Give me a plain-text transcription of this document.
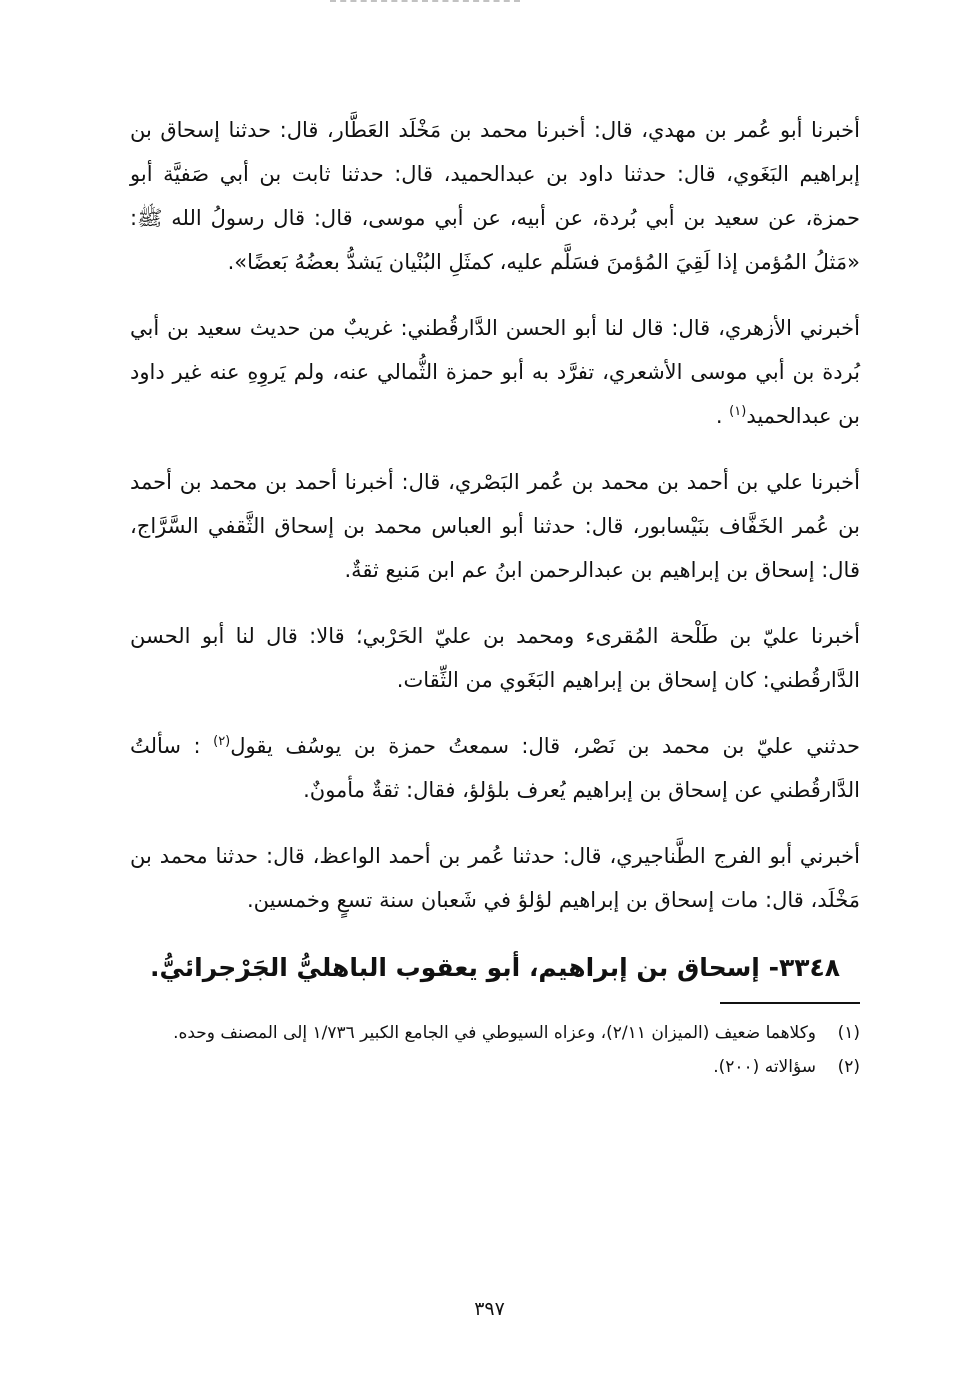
أخبرنا أبو عُمر بن مهدي، قال: أخبرنا محمد بن مَخْلَد العَطَّار، قال: حدثنا إسحاق بن إبراهيم البَغَوي، قال: حدثنا داود بن عبدالحميد، قال: حدثنا ثابت بن أبي صَفيَّة أبو حمزة، عن سعيد بن أبي بُردة، عن أبيه، عن أبي موسى، قال: قال رسولُ الله ﷺ: «مَثلُ المُؤمن إذا لَقِيَ المُؤمنَ فسَلَّم عليه، كمثَلِ البُنْيان يَشدُّ بعضُهُ بَعضًا».

أخبرني الأزهري، قال: قال لنا أبو الحسن الدَّارقُطني: غريبٌ من حديث سعيد بن أبي بُردة بن أبي موسى الأشعري، تفرَّد به أبو حمزة الثُّمالي عنه، ولم يَروِهِ عنه غير داود بن عبدالحميد$^{(١)}$ .

أخبرنا علي بن أحمد بن محمد بن عُمر البَصْري، قال: أخبرنا أحمد بن محمد بن أحمد بن عُمر الخَفَّاف بنَيْسابور، قال: حدثنا أبو العباس محمد بن إسحاق الثَّقفي السَّرَّاج، قال: إسحاق بن إبراهيم بن عبدالرحمن ابنُ عم ابن مَنيع ثقةٌ.

أخبرنا عليّ بن طَلْحة المُقرىء ومحمد بن عليّ الحَرْبي؛ قالا: قال لنا أبو الحسن الدَّارقُطني: كان إسحاق بن إبراهيم البَغَوي من الثِّقات.

حدثني عليّ بن محمد بن نَصْر، قال: سمعتُ حمزة بن يوسُف يقول$^{(٢)}$ : سألتُ الدَّارقُطني عن إسحاق بن إبراهيم يُعرف بلؤلؤ، فقال: ثقةٌ مأمونٌ.

أخبرني أبو الفرج الطَّناجيري، قال: حدثنا عُمر بن أحمد الواعظ، قال: حدثنا محمد بن مَخْلَد، قال: مات إسحاق بن إبراهيم لؤلؤ في شَعبان سنة تسعٍ وخمسين.

٣٣٤٨- إسحاق بن إبراهيم، أبو يعقوب الباهليُّ الجَرْجرائيُّ.
(١)
وكلاهما ضعيف (الميزان ٢/١١)، وعزاه السيوطي في الجامع الكبير ١/٧٣٦ إلى المصنف وحده.
(٢)
سؤالاته (٢٠٠).
٣٩٧
